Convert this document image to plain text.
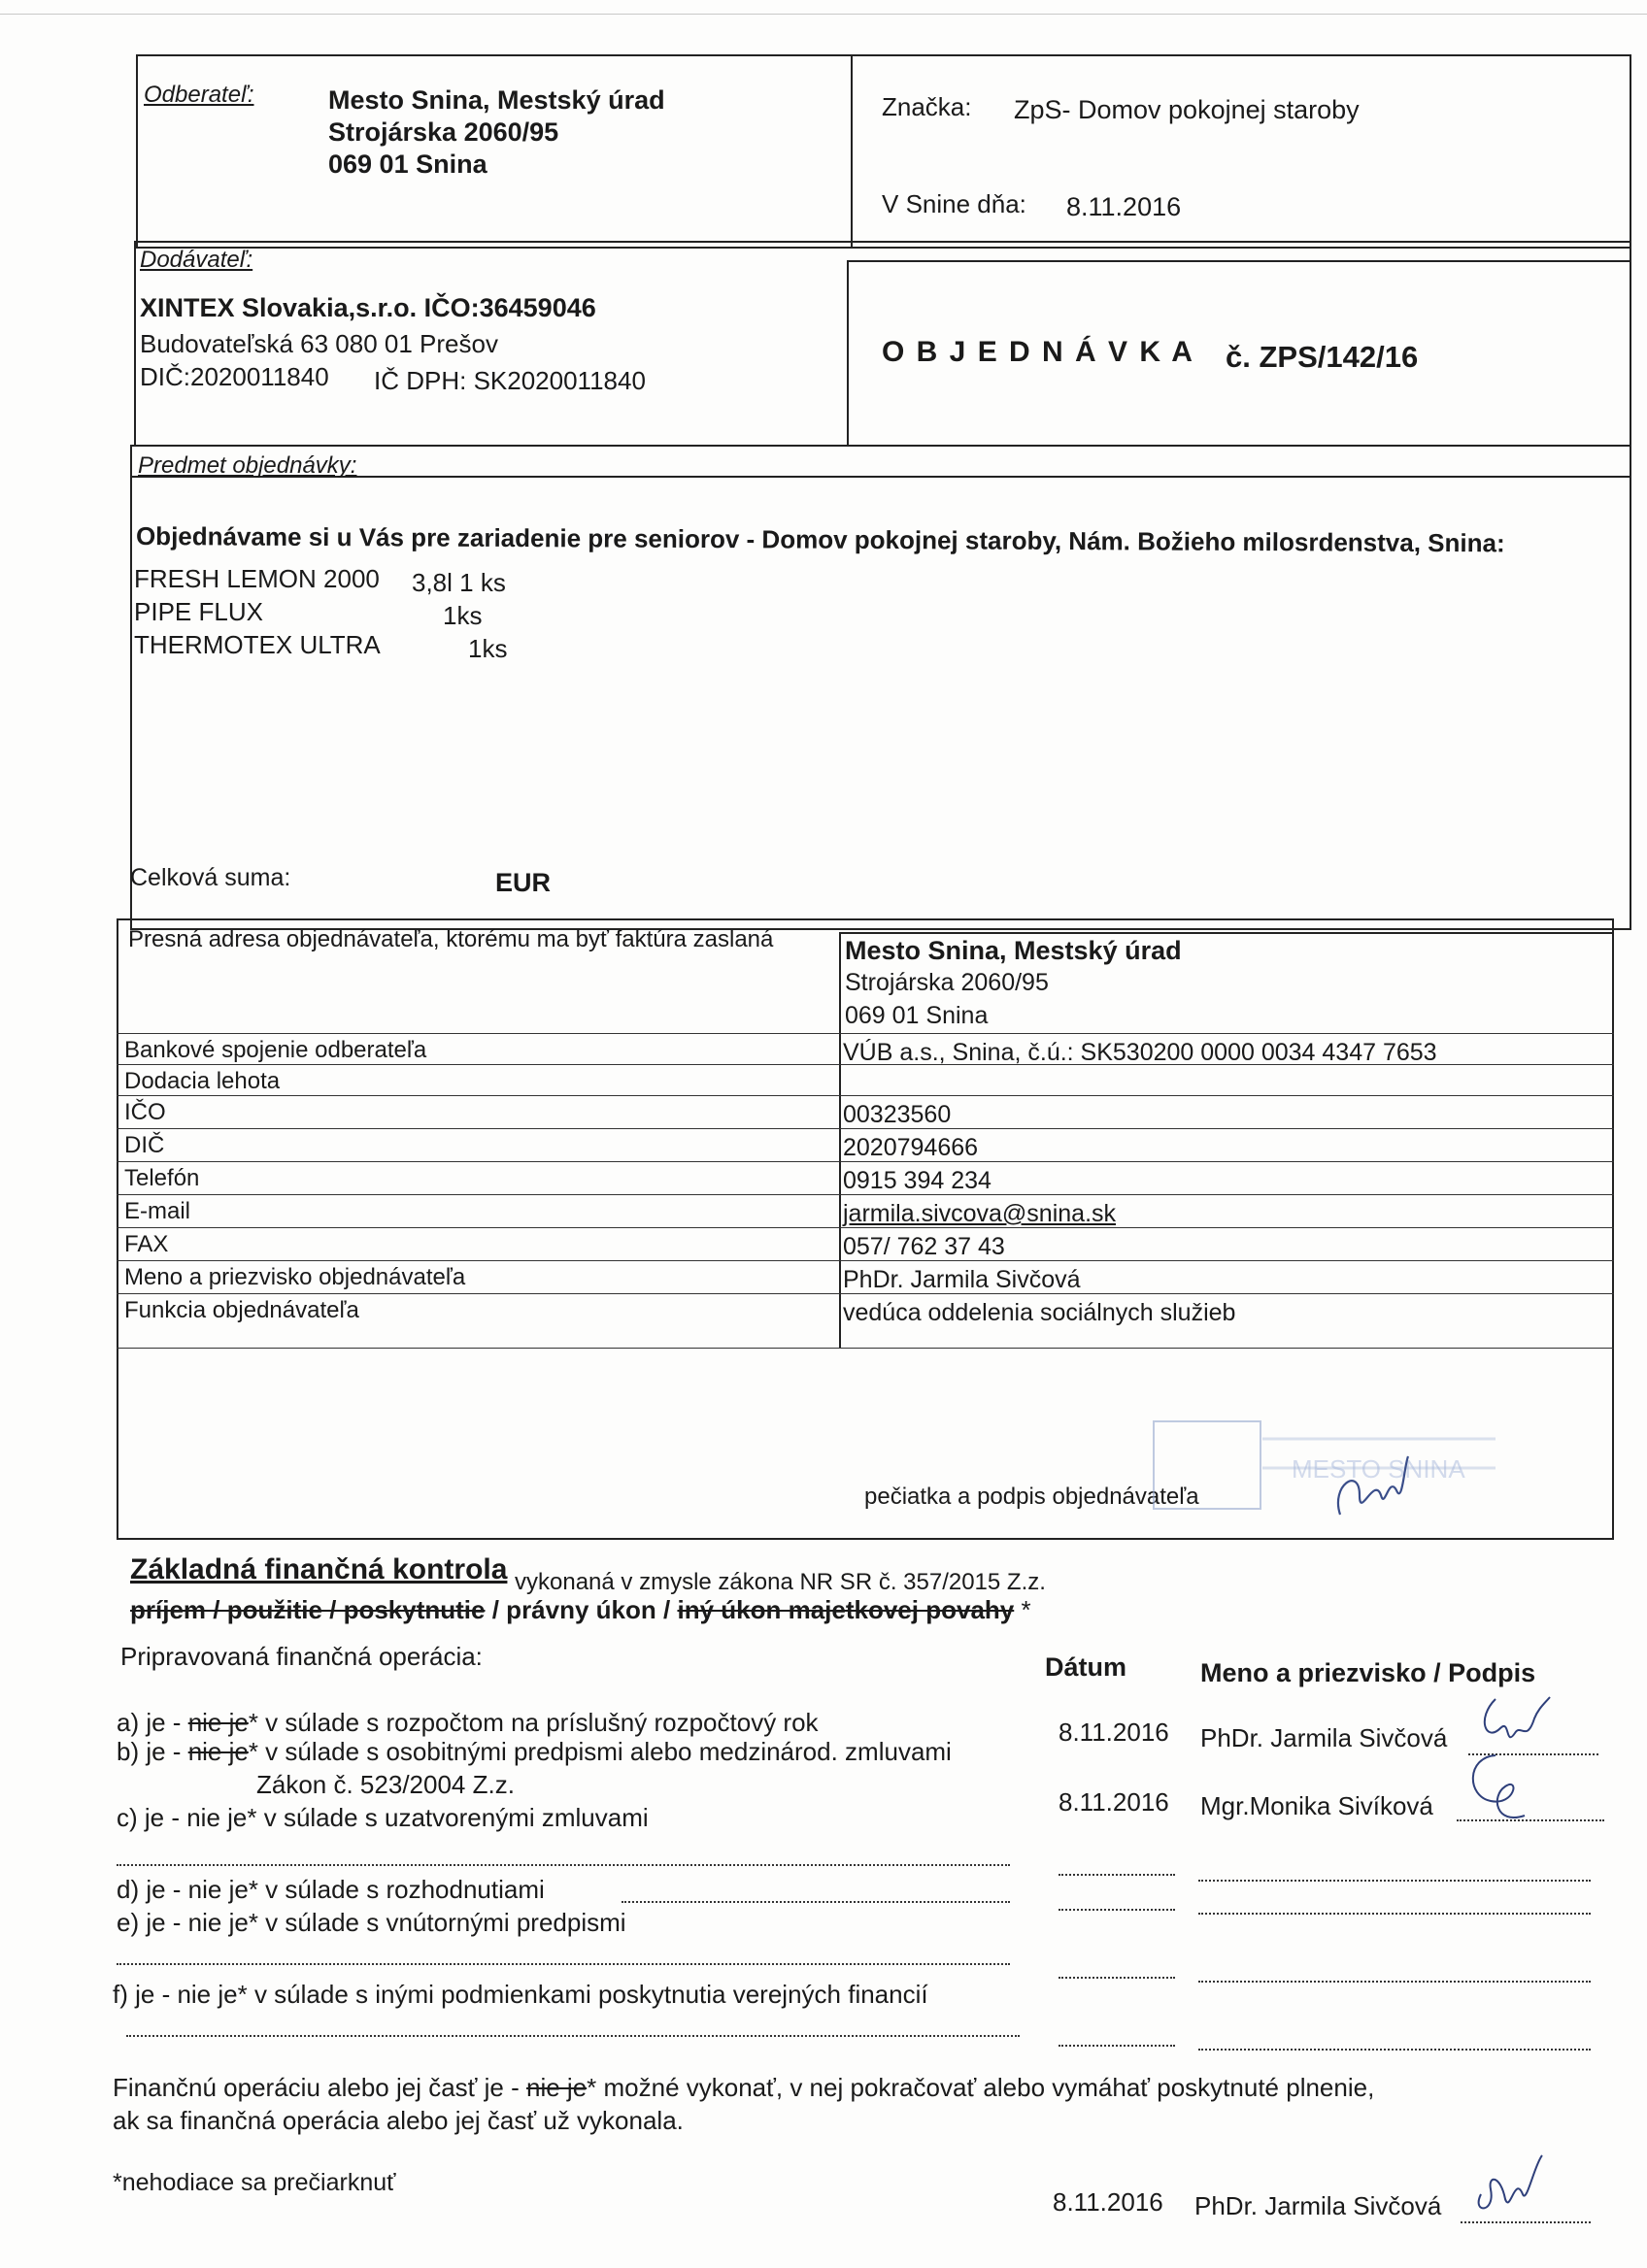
Odberateľ:	Mesto Snina, Mestský úrad
Strojárska 2060/95
069 01 Snina
Značka: ZpS- Domov pokojnej staroby
V Snine dňa: 8.11.2016
Dodávateľ:
XINTEX Slovakia,s.r.o. IČO:36459046
Budovateľská 63 080 01 Prešov
DIČ:2020011840 IČ DPH: SK2020011840
O B J E D N Á V K A č. ZPS/142/16
Predmet objednávky:
Objednávame si u Vás pre zariadenie pre seniorov - Domov pokojnej staroby, Nám. Božieho milosrdenstva, Snina:
FRESH LEMON 2000 3,8l 1 ks
PIPE FLUX	1ks
THERMOTEX ULTRA	1ks
Celková suma:	EUR
Presná adresa objednávateľa, ktorému ma byť faktúra zaslaná	Mesto Snina, Mestský úrad
Strojárska 2060/95
069 01 Snina
Bankové spojenie odberateľa	VÚB a.s., Snina, č.ú.: SK530200 0000 0034 4347 7653
Dodacia lehota
IČO	00323560
DIČ	2020794666
Telefón	0915 394 234
E-mail	jarmila.sivcova@snina.sk
FAX	057/ 762 37 43
Meno a priezvisko objednávateľa	PhDr. Jarmila Sivčová
Funkcia objednávateľa	vedúca oddelenia sociálnych služieb
pečiatka a podpis objednávateľa
MESTO SNINA
Základná finančná kontrola vykonaná v zmysle zákona NR SR č. 357/2015 Z.z.
príjem / použitie / poskytnutie / právny úkon / iný úkon majetkovej povahy *
Pripravovaná finančná operácia:	Dátum	Meno a priezvisko / Podpis
a) je - nie je* v súlade s rozpočtom na príslušný rozpočtový rok	8.11.2016 PhDr. Jarmila Sivčová
b) je - nie je* v súlade s osobitnými predpismi alebo medzinárod. zmluvami
Zákon č. 523/2004 Z.z.
8.11.2016 Mgr.Monika Sivíková
c) je - nie je* v súlade s uzatvorenými zmluvami
d) je - nie je* v súlade s rozhodnutiami
e) je - nie je* v súlade s vnútornými predpismi
f) je - nie je* v súlade s inými podmienkami poskytnutia verejných financií
Finančnú operáciu alebo jej časť je - nie je* možné vykonať, v nej pokračovať alebo vymáhať poskytnuté plnenie,
ak sa finančná operácia alebo jej časť už vykonala.
*nehodiace sa prečiarknuť
8.11.2016 PhDr. Jarmila Sivčová
